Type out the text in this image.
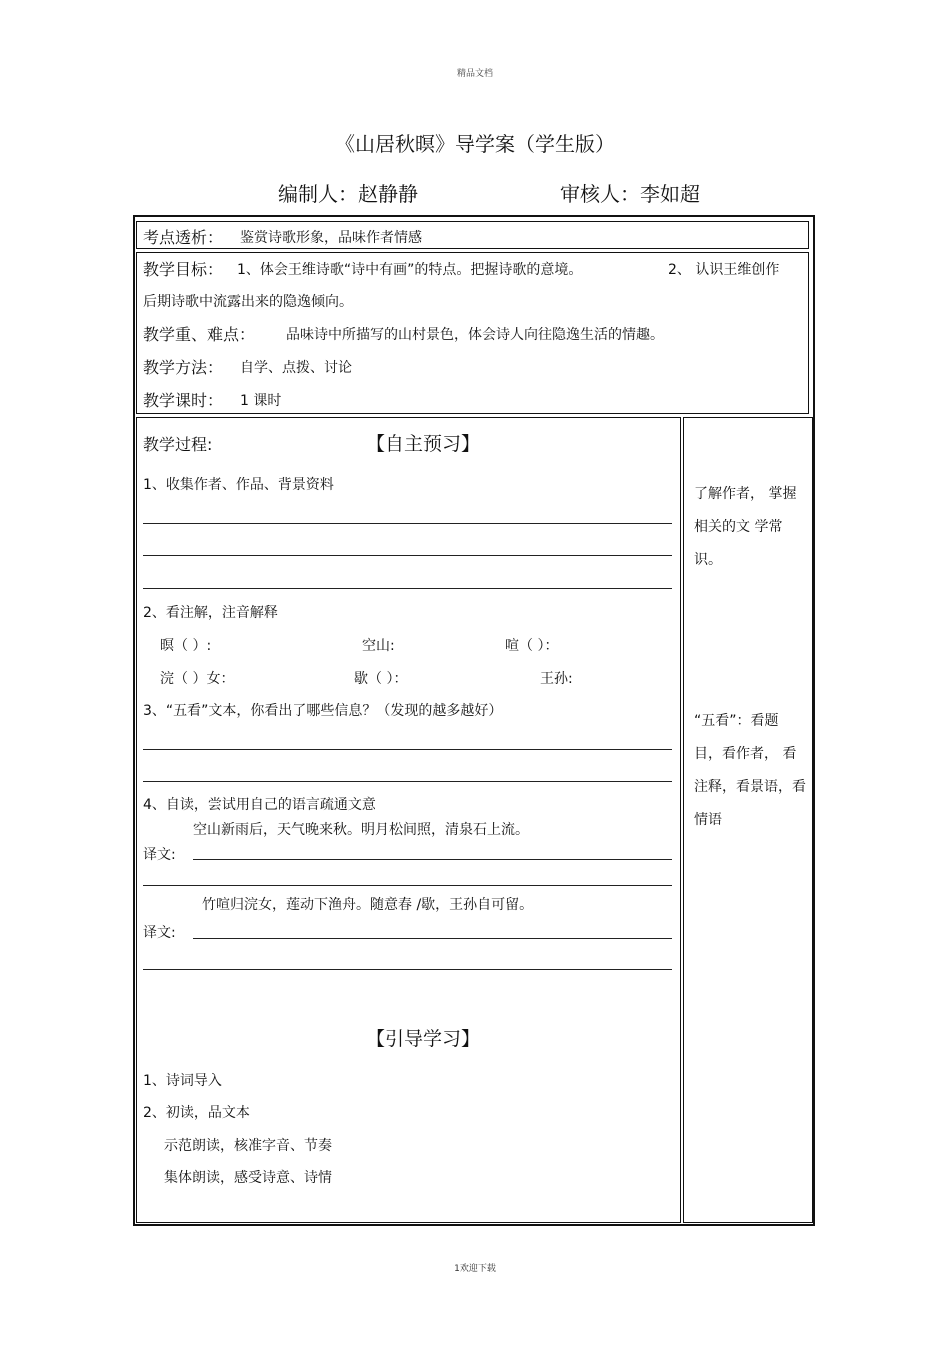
精品文档
《山居秋暝》导学案（学生版）
编制人：赵静静	审核人：李如超
考点透析： 鉴赏诗歌形象，品味作者情感
教学目标： 1、体会王维诗歌“诗中有画”的特点。把握诗歌的意境。	2、 认识王维创作
后期诗歌中流露出来的隐逸倾向。
教学重、难点： 品味诗中所描写的山村景色，体会诗人向往隐逸生活的情趣。
教学方法： 自学、点拨、讨论
教学课时： 1 课时
教学过程:	【自主预习】
1、收集作者、作品、背景资料
2、看注解，注音解释
暝（ ）:	空山:	喧（ ）：
浣（ ）女：	歇（ ）：	王孙:
3、“五看”文本，你看出了哪些信息？（发现的越多越好）
4、自读，尝试用自己的语言疏通文意
空山新雨后，天气晚来秋。明月松间照，清泉石上流。
译文:
竹喧归浣女，莲动下渔舟。随意春 /歇，王孙自可留。
译文:
【引导学习】
1、诗词导入
2、初读，品文本
示范朗读，核准字音、节奏
集体朗读，感受诗意、诗情
了解作者， 掌握相关的文 学常识。
“五看”：看题目，看作者， 看注释，看景语，看情语
1欢迎下载
